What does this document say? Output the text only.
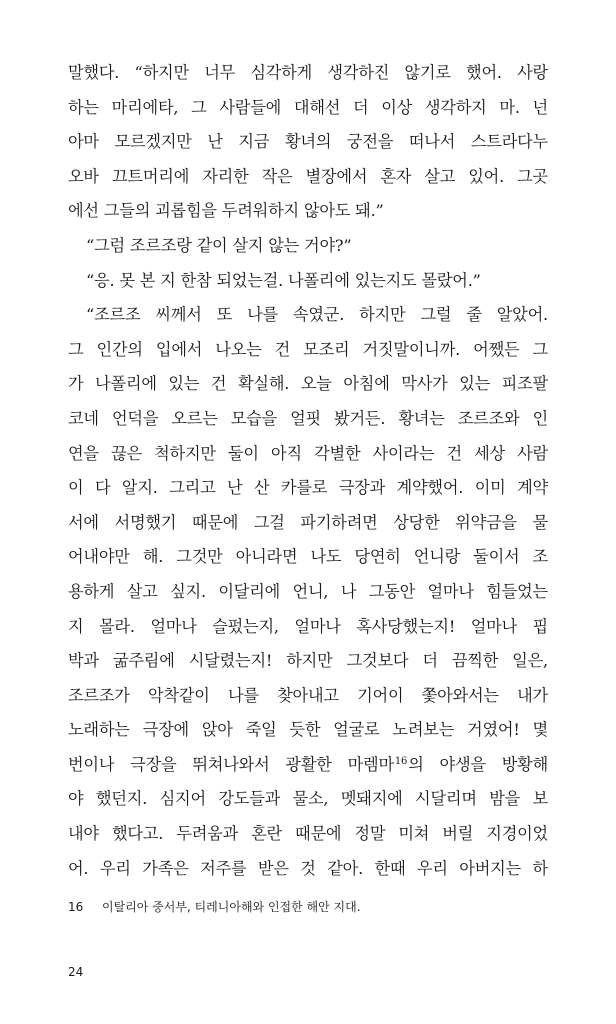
말했다. “하지만 너무 심각하게 생각하진 않기로 했어. 사랑
하는 마리에타, 그 사람들에 대해선 더 이상 생각하지 마. 넌
아마 모르겠지만 난 지금 황녀의 궁전을 떠나서 스트라다누
오바 끄트머리에 자리한 작은 별장에서 혼자 살고 있어. 그곳
에선 그들의 괴롭힘을 두려워하지 않아도 돼.”
“그럼 조르조랑 같이 살지 않는 거야?”
“응. 못 본 지 한참 되었는걸. 나폴리에 있는지도 몰랐어.”
“조르조 씨께서 또 나를 속였군. 하지만 그럴 줄 알았어.
그 인간의 입에서 나오는 건 모조리 거짓말이니까. 어쨌든 그
가 나폴리에 있는 건 확실해. 오늘 아침에 막사가 있는 피조팔
코네 언덕을 오르는 모습을 얼핏 봤거든. 황녀는 조르조와 인
연을 끊은 척하지만 둘이 아직 각별한 사이라는 건 세상 사람
이 다 알지. 그리고 난 산 카를로 극장과 계약했어. 이미 계약
서에 서명했기 때문에 그걸 파기하려면 상당한 위약금을 물
어내야만 해. 그것만 아니라면 나도 당연히 언니랑 둘이서 조
용하게 살고 싶지. 이달리에 언니, 나 그동안 얼마나 힘들었는
지 몰라. 얼마나 슬펐는지, 얼마나 혹사당했는지! 얼마나 핍
박과 굶주림에 시달렸는지! 하지만 그것보다 더 끔찍한 일은,
조르조가 악착같이 나를 찾아내고 기어이 쫓아와서는 내가
노래하는 극장에 앉아 죽일 듯한 얼굴로 노려보는 거였어! 몇
번이나 극장을 뛰쳐나와서 광활한 마렘마$^{16}$의 야생을 방황해
야 했던지. 심지어 강도들과 물소, 멧돼지에 시달리며 밤을 보
내야 했다고. 두려움과 혼란 때문에 정말 미쳐 버릴 지경이었
어. 우리 가족은 저주를 받은 것 같아. 한때 우리 아버지는 하
16 이탈리아 중서부, 티레니아해와 인접한 해안 지대.
24
